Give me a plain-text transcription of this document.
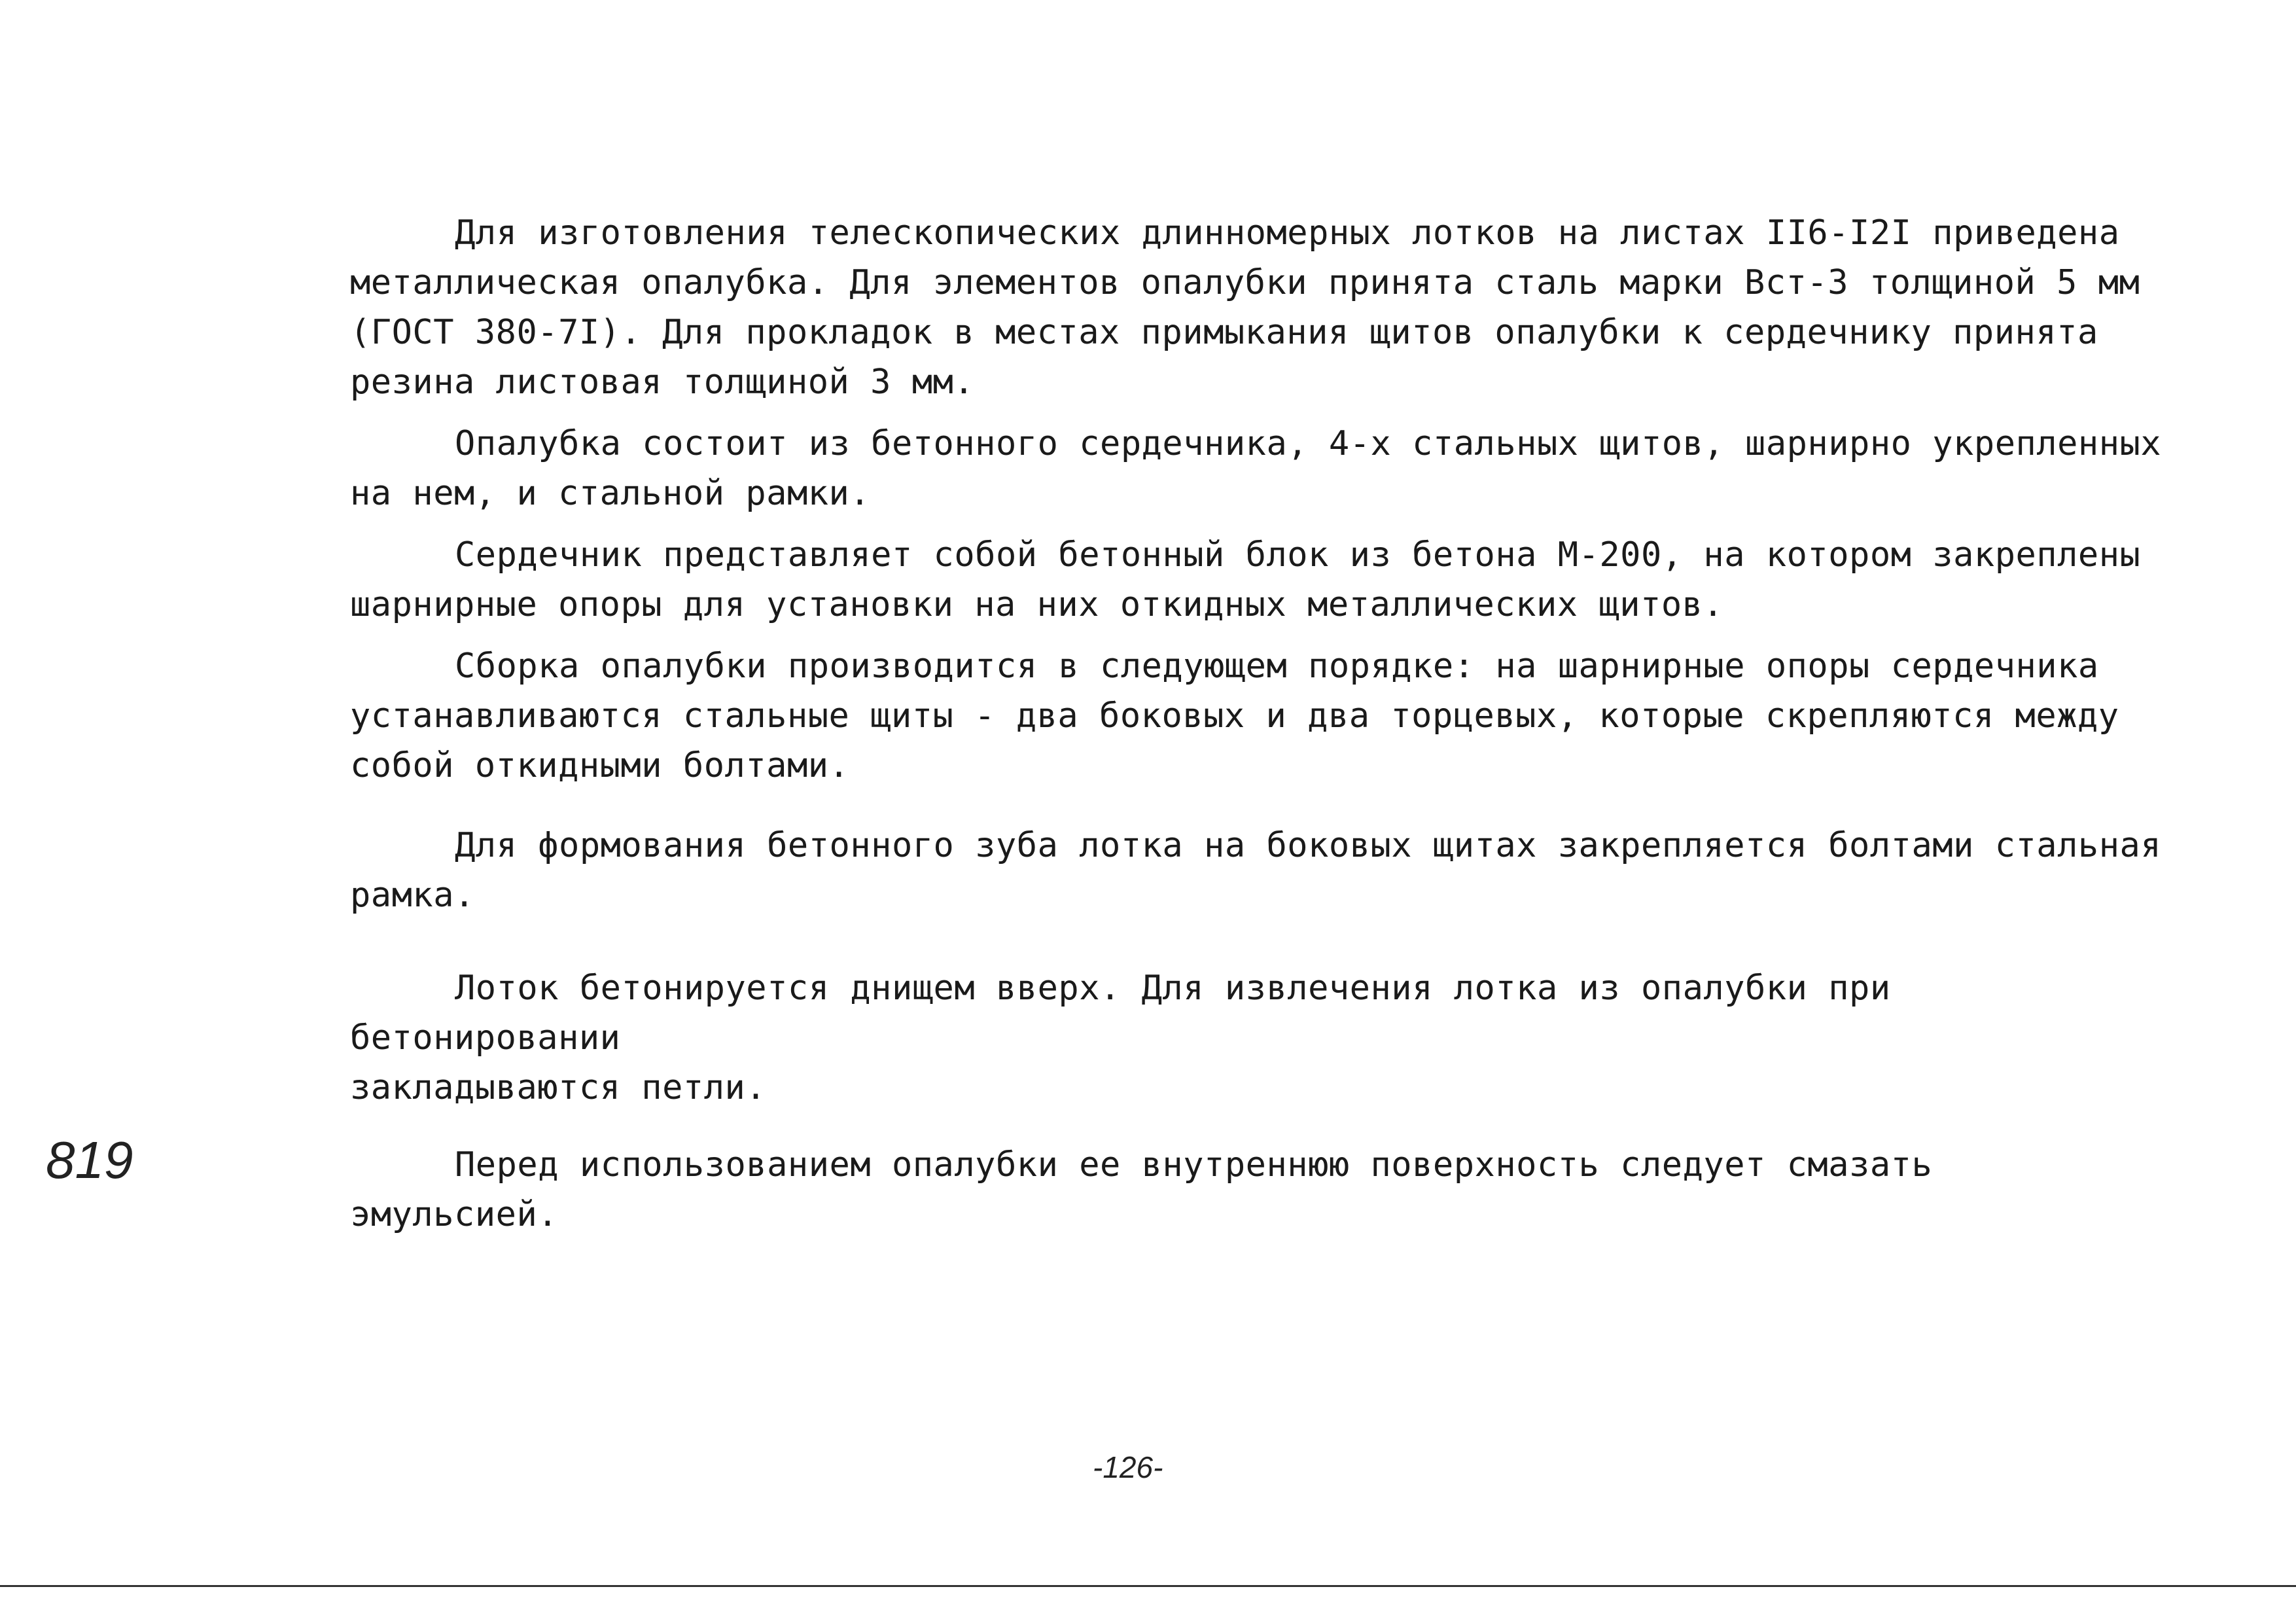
Для изготовления телескопических длинномерных лотков на листах II6-I2I приведена
металлическая опалубка. Для элементов опалубки принята сталь марки Вст-3 толщиной 5 мм
(ГОСТ 380-7I). Для прокладок в местах примыкания щитов опалубки к сердечнику принята
резина листовая толщиной 3 мм.

Опалубка состоит из бетонного сердечника, 4-х стальных щитов, шарнирно укрепленных
на нем, и стальной рамки.

Сердечник представляет собой бетонный блок из бетона М-200, на котором закреплены
шарнирные опоры для установки на них откидных металлических щитов.

Сборка опалубки производится в следующем порядке: на шарнирные опоры сердечника
устанавливаются стальные щиты - два боковых и два торцевых, которые скрепляются между
собой откидными болтами.

Для формования бетонного зуба лотка на боковых щитах закрепляется болтами стальная
рамка.

Лоток бетонируется днищем вверх. Для извлечения лотка из опалубки при бетонировании
закладываются петли.

Перед использованием опалубки ее внутреннюю поверхность следует смазать
эмульсией.

819
-126-
